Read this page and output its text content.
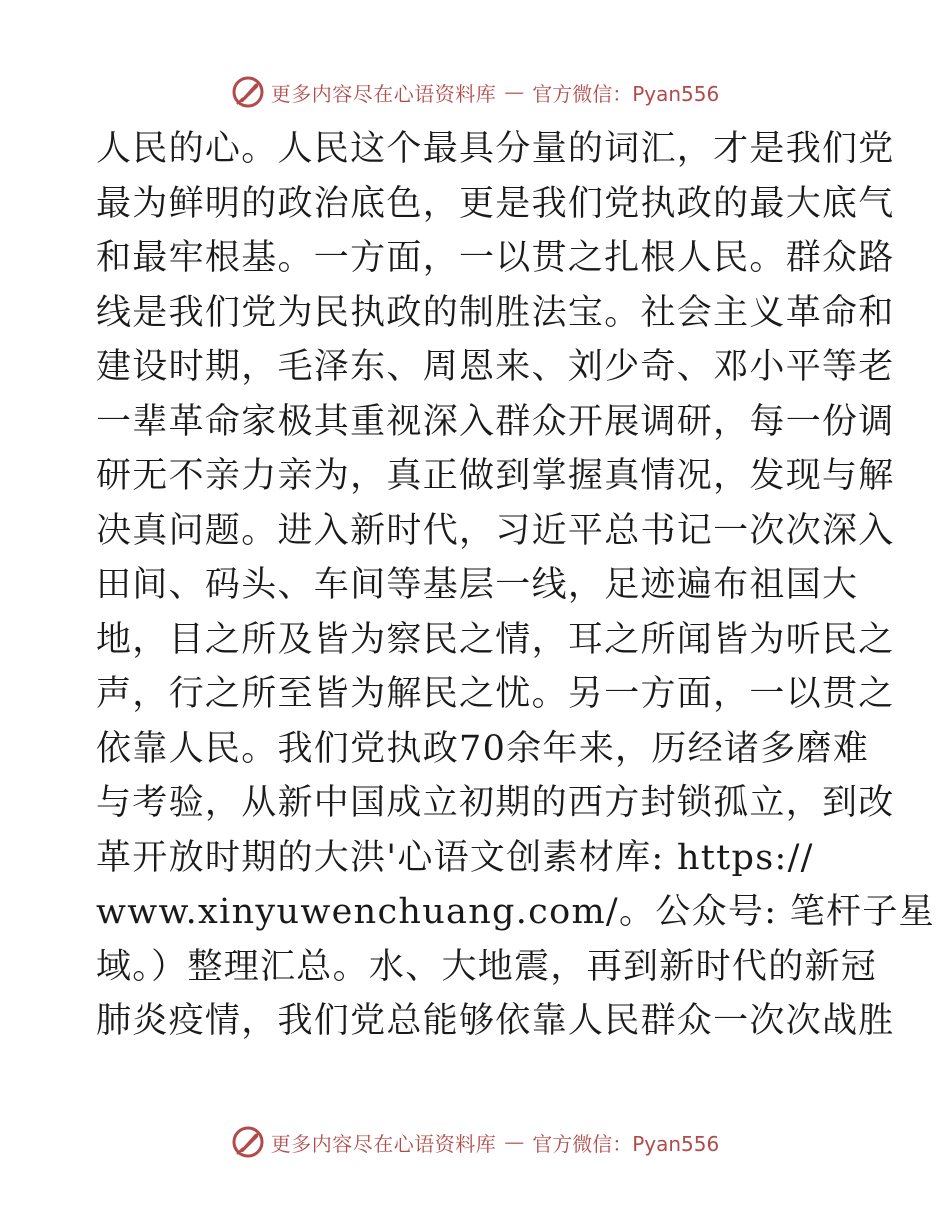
更多内容尽在心语资料库 — 官方微信：Pyan556
人民的心。人民这个最具分量的词汇，才是我们党
最为鲜明的政治底色，更是我们党执政的最大底气
和最牢根基。一方面，一以贯之扎根人民。群众路
线是我们党为民执政的制胜法宝。社会主义革命和
建设时期，毛泽东、周恩来、刘少奇、邓小平等老
一辈革命家极其重视深入群众开展调研，每一份调
研无不亲力亲为，真正做到掌握真情况，发现与解
决真问题。进入新时代，习近平总书记一次次深入
田间、码头、车间等基层一线，足迹遍布祖国大
地，目之所及皆为察民之情，耳之所闻皆为听民之
声，行之所至皆为解民之忧。另一方面，一以贯之
依靠人民。我们党执政70余年来，历经诸多磨难
与考验，从新中国成立初期的西方封锁孤立，到改
革开放时期的大洪'心语文创素材库: https://
www.xinyuwenchuang.com/。公众号: 笔杆子星
域。）整理汇总。水、大地震，再到新时代的新冠
肺炎疫情，我们党总能够依靠人民群众一次次战胜
更多内容尽在心语资料库 — 官方微信：Pyan556
